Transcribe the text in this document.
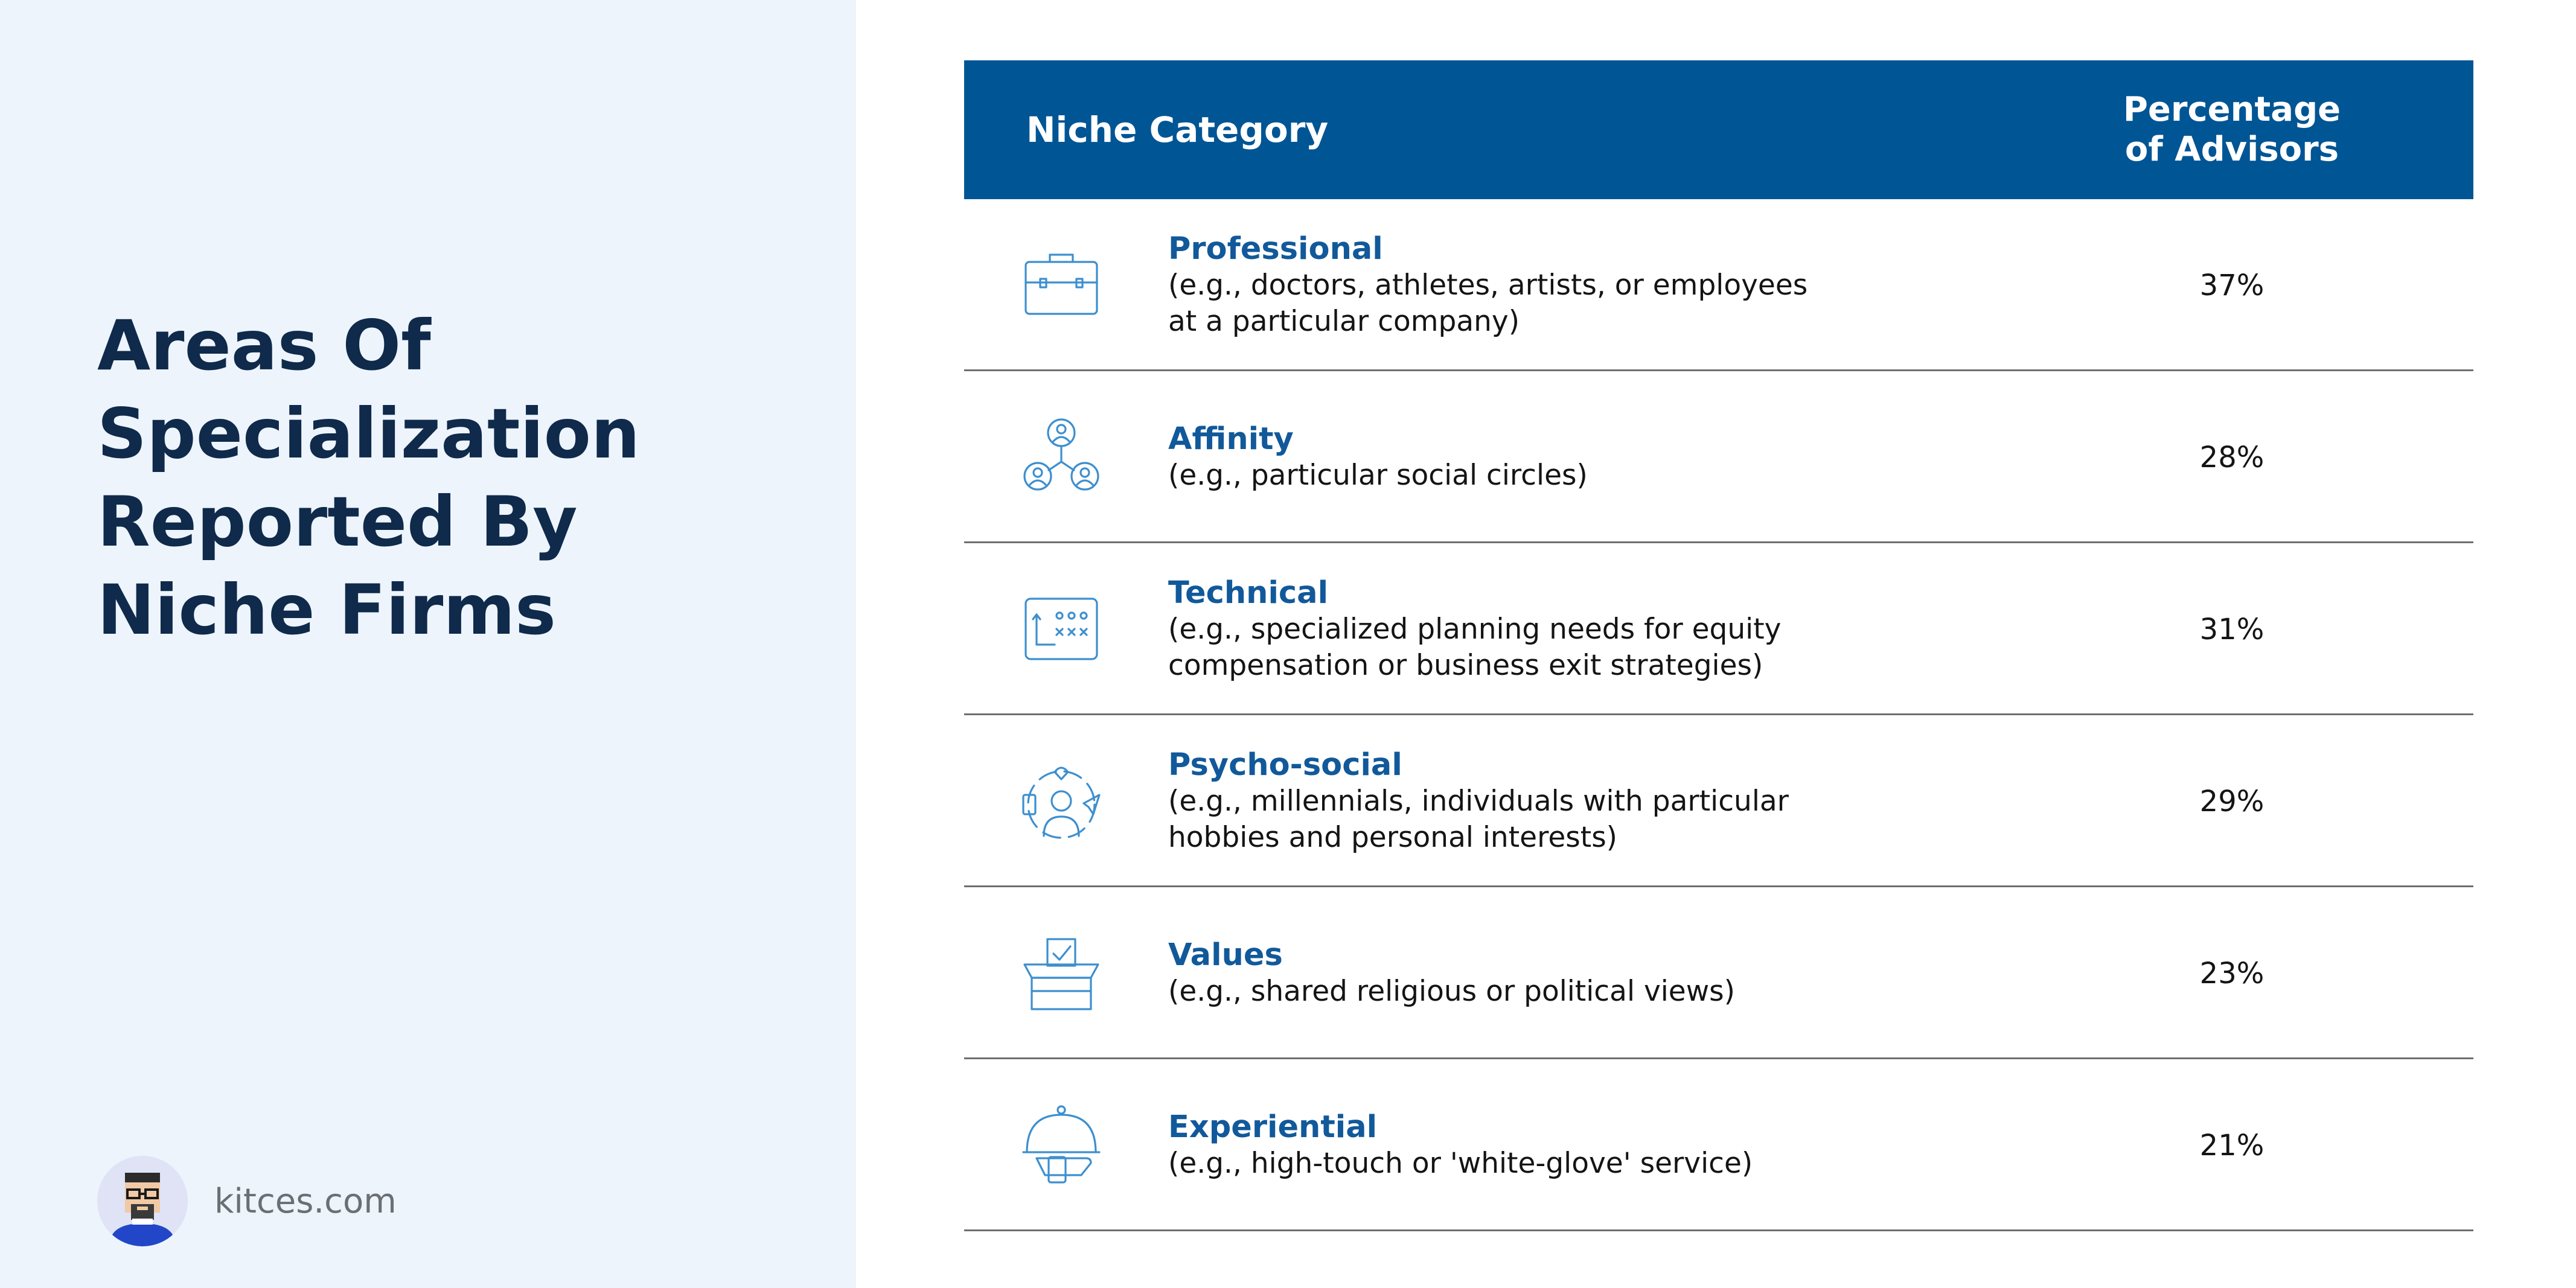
Areas Of Specialization Reported By Niche Firms
kitces.com
Niche Category	Percentage
of Advisors
Professional
(e.g., doctors, athletes, artists, or employees
at a particular company)
37%
Affinity
(e.g., particular social circles)
28%
Technical
(e.g., specialized planning needs for equity
compensation or business exit strategies)
31%
Psycho-social
(e.g., millennials, individuals with particular
hobbies and personal interests)
29%
Values
(e.g., shared religious or political views)
23%
Experiential
(e.g., high-touch or 'white-glove' service)
21%
